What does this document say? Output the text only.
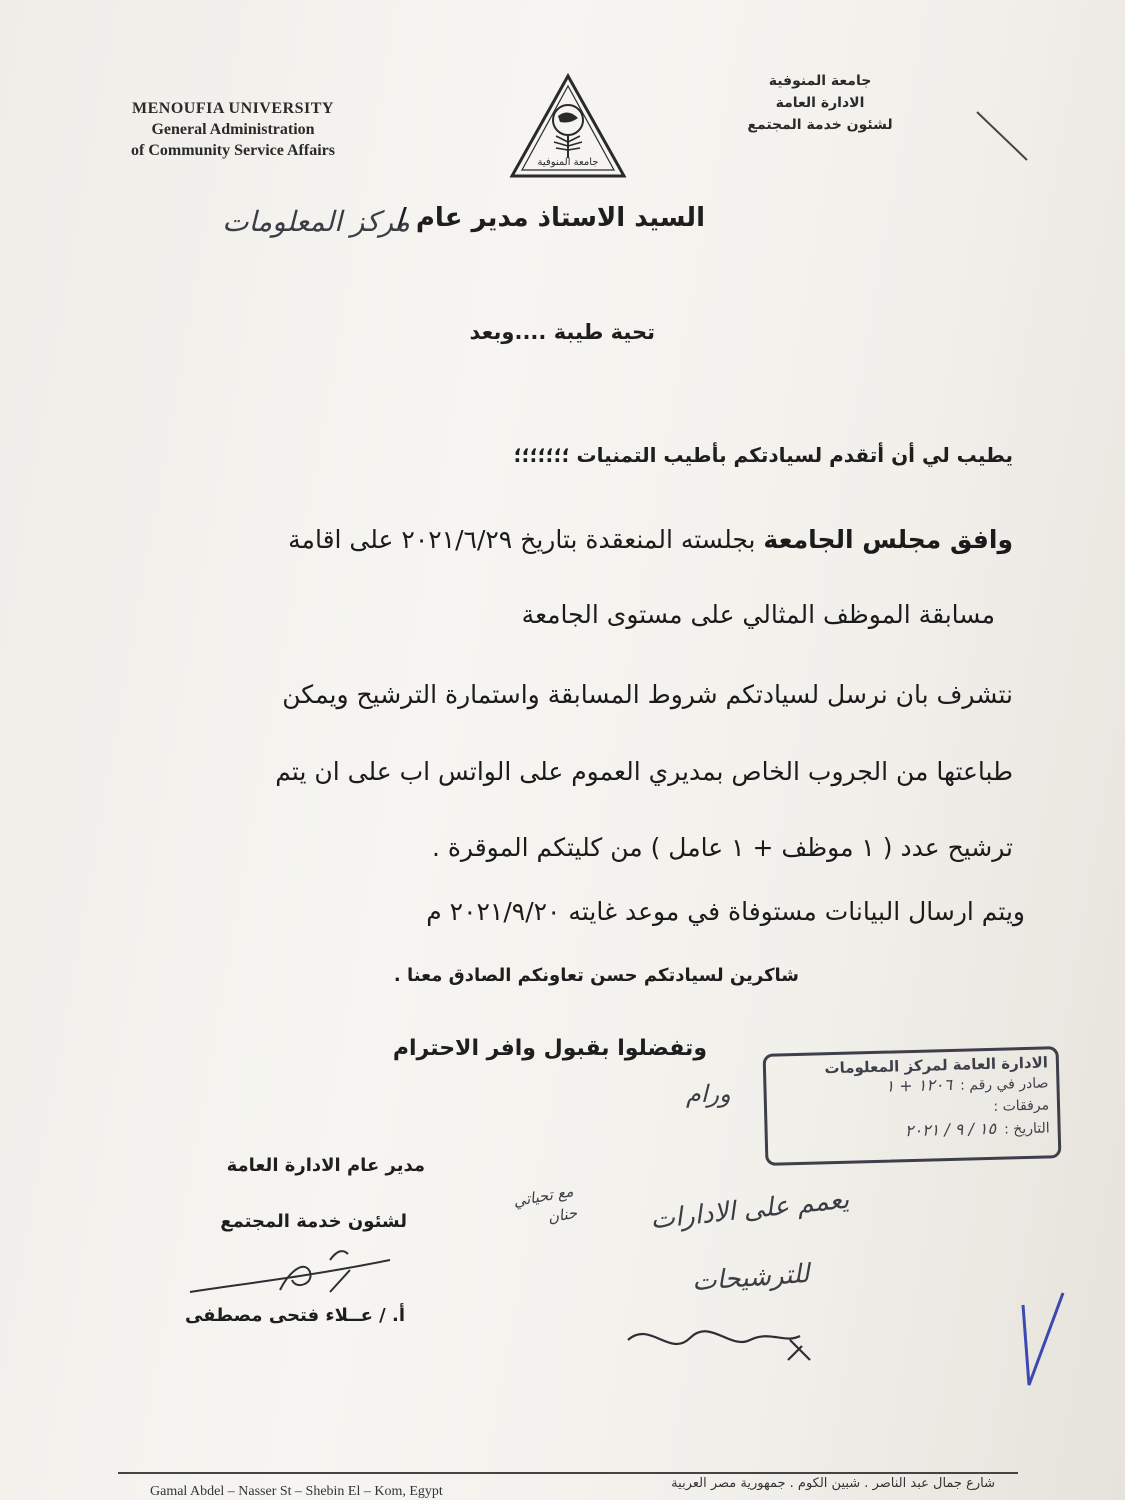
MENOUFIA UNIVERSITY
General Administration
of Community Service Affairs
جامعة المنوفية
جامعة المنوفية
الادارة العامة
لشئون خدمة المجتمع
السيد الاستاذ مدير عام /
مركز المعلومات
تحية طيبة ....وبعد
يطيب لي أن أتقدم لسيادتكم بأطيب التمنيات ؛؛؛؛؛؛؛
وافق مجلس الجامعة بجلسته المنعقدة بتاريخ ٢٠٢١/٦/٢٩ على اقامة
مسابقة الموظف المثالي على مستوى الجامعة
نتشرف بان نرسل لسيادتكم شروط المسابقة واستمارة الترشيح ويمكن
طباعتها من الجروب الخاص بمديري العموم على الواتس اب على ان يتم
ترشيح عدد ( ١ موظف + ١ عامل ) من كليتكم الموقرة .
ويتم ارسال البيانات مستوفاة في موعد غايته ٢٠٢١/٩/٢٠ م
شاكرين لسيادتكم حسن تعاونكم الصادق معنا .
وتفضلوا بقبول وافر الاحترام
الادارة العامة لمركز المعلومات
صادر في رقم :١٢٠٦ + ١
مرفقات :
التاريخ :١٥ / ٩ / ٢٠٢١
ورام
مدير عام الادارة العامة
لشئون خدمة المجتمع
أ. / عــلاء فتحى مصطفى
يعمم على الادارات
للترشيحات
مع تحياتي
حنان
Gamal Abdel – Nasser St – Shebin El – Kom, Egypt
شارع جمال عبد الناصر . شبين الكوم . جمهورية مصر العربية
